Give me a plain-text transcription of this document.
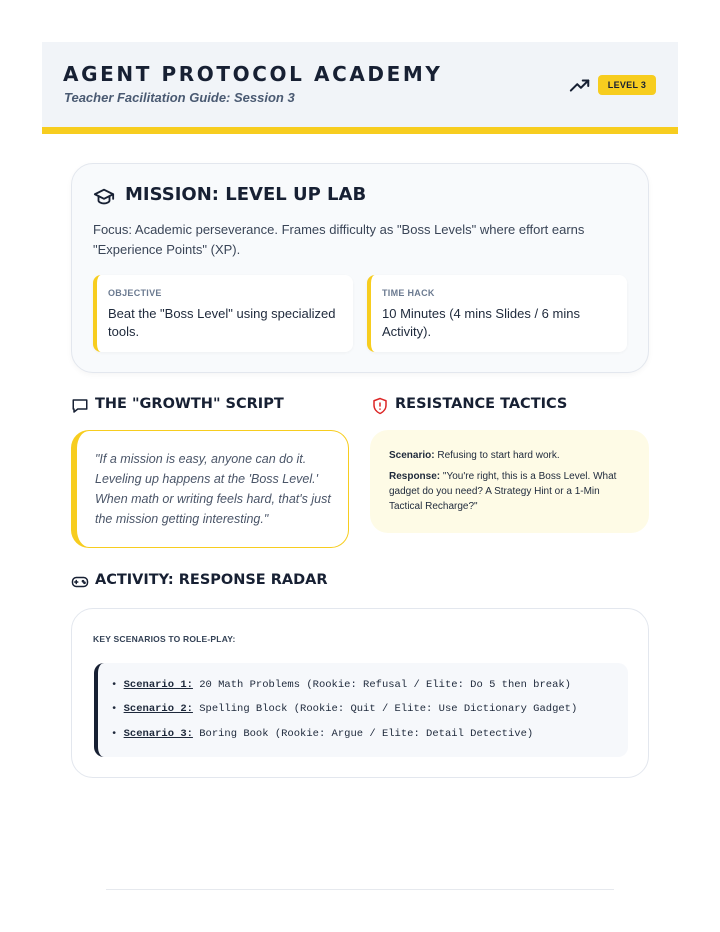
AGENT PROTOCOL ACADEMY
Teacher Facilitation Guide: Session 3
LEVEL 3
MISSION: LEVEL UP LAB
Focus: Academic perseverance. Frames difficulty as "Boss Levels" where effort earns "Experience Points" (XP).
OBJECTIVE
Beat the "Boss Level" using specialized tools.
TIME HACK
10 Minutes (4 mins Slides / 6 mins Activity).
THE "GROWTH" SCRIPT	RESISTANCE TACTICS
"If a mission is easy, anyone can do it. Leveling up happens at the 'Boss Level.' When math or writing feels hard, that's just the mission getting interesting."
Scenario: Refusing to start hard work.
Response: "You're right, this is a Boss Level. What gadget do you need? A Strategy Hint or a 1-Min Tactical Recharge?"
ACTIVITY: RESPONSE RADAR
KEY SCENARIOS TO ROLE-PLAY:
• Scenario 1: 20 Math Problems (Rookie: Refusal / Elite: Do 5 then break)
• Scenario 2: Spelling Block (Rookie: Quit / Elite: Use Dictionary Gadget)
• Scenario 3: Boring Book (Rookie: Argue / Elite: Detail Detective)
